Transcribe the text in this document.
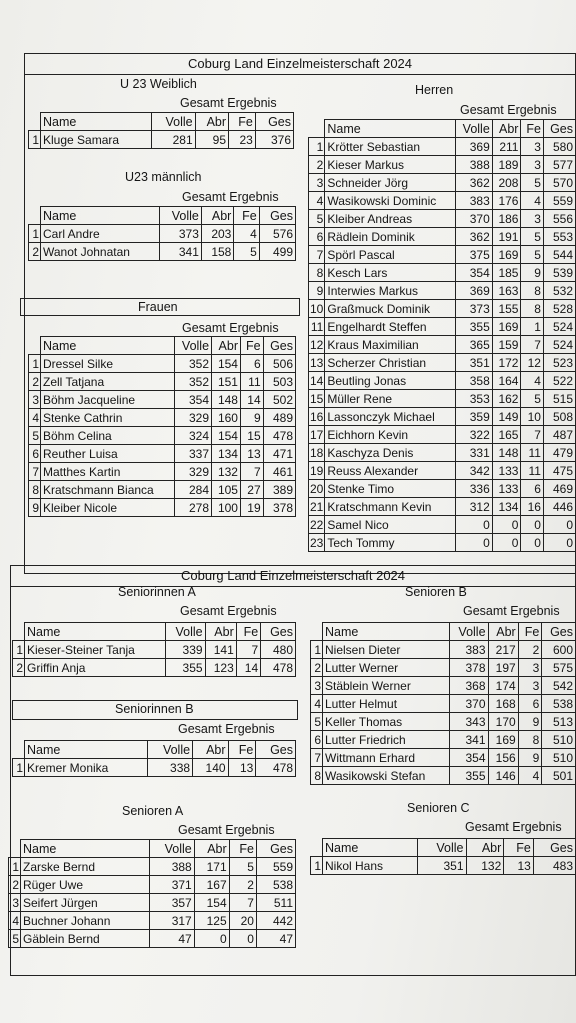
Coburg Land Einzelmeisterschaft 2024
U 23 Weiblich
Gesamt Ergebnis
	Name	Volle	Abr	Fe	Ges
1	Kluge Samara	281	95	23	376
U23 männlich
Gesamt Ergebnis
	Name	Volle	Abr	Fe	Ges
1	Carl Andre	373	203	4	576
2	Wanot Johnatan	341	158	5	499
Frauen
Gesamt Ergebnis
	Name	Volle	Abr	Fe	Ges
1	Dressel Silke	352	154	6	506
2	Zell Tatjana	352	151	11	503
3	Böhm Jacqueline	354	148	14	502
4	Stenke Cathrin	329	160	9	489
5	Böhm Celina	324	154	15	478
6	Reuther Luisa	337	134	13	471
7	Matthes Kartin	329	132	7	461
8	Kratschmann Bianca	284	105	27	389
9	Kleiber Nicole	278	100	19	378
Herren
Gesamt Ergebnis
	Name	Volle	Abr	Fe	Ges
1	Krötter Sebastian	369	211	3	580
2	Kieser Markus	388	189	3	577
3	Schneider Jörg	362	208	5	570
4	Wasikowski Dominic	383	176	4	559
5	Kleiber Andreas	370	186	3	556
6	Rädlein Dominik	362	191	5	553
7	Spörl Pascal	375	169	5	544
8	Kesch Lars	354	185	9	539
9	Interwies Markus	369	163	8	532
10	Graßmuck Dominik	373	155	8	528
11	Engelhardt Steffen	355	169	1	524
12	Kraus Maximilian	365	159	7	524
13	Scherzer Christian	351	172	12	523
14	Beutling Jonas	358	164	4	522
15	Müller Rene	353	162	5	515
16	Lassonczyk Michael	359	149	10	508
17	Eichhorn Kevin	322	165	7	487
18	Kaschyza Denis	331	148	11	479
19	Reuss Alexander	342	133	11	475
20	Stenke Timo	336	133	6	469
21	Kratschmann Kevin	312	134	16	446
22	Samel Nico	0	0	0	0
23	Tech Tommy	0	0	0	0
Coburg Land Einzelmeisterschaft 2024
Seniorinnen A
Gesamt Ergebnis
	Name	Volle	Abr	Fe	Ges
1	Kieser-Steiner Tanja	339	141	7	480
2	Griffin Anja	355	123	14	478
Seniorinnen B
Gesamt Ergebnis
	Name	Volle	Abr	Fe	Ges
1	Kremer Monika	338	140	13	478
Senioren A
Gesamt Ergebnis
	Name	Volle	Abr	Fe	Ges
1	Zarske Bernd	388	171	5	559
2	Rüger Uwe	371	167	2	538
3	Seifert Jürgen	357	154	7	511
4	Buchner Johann	317	125	20	442
5	Gäblein Bernd	47	0	0	47
Senioren B
Gesamt Ergebnis
	Name	Volle	Abr	Fe	Ges
1	Nielsen Dieter	383	217	2	600
2	Lutter Werner	378	197	3	575
3	Stäblein Werner	368	174	3	542
4	Lutter Helmut	370	168	6	538
5	Keller Thomas	343	170	9	513
6	Lutter Friedrich	341	169	8	510
7	Wittmann Erhard	354	156	9	510
8	Wasikowski Stefan	355	146	4	501
Senioren C
Gesamt Ergebnis
	Name	Volle	Abr	Fe	Ges
1	Nikol Hans	351	132	13	483
